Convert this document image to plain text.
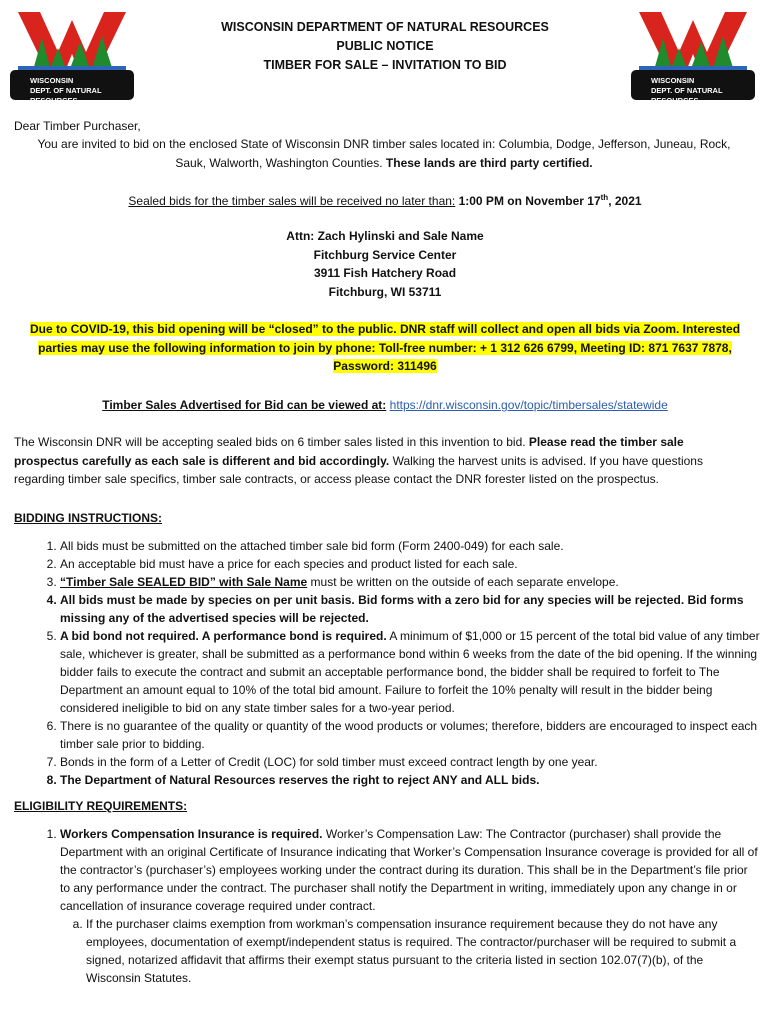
WISCONSIN
DEPT. OF NATURAL RESOURCES
WISCONSIN
DEPT. OF NATURAL RESOURCES
WISCONSIN DEPARTMENT OF NATURAL RESOURCES
PUBLIC NOTICE
TIMBER FOR SALE – INVITATION TO BID

Dear Timber Purchaser,

You are invited to bid on the enclosed State of Wisconsin DNR timber sales located in: Columbia, Dodge, Jefferson, Juneau, Rock,

Sauk, Walworth, Washington Counties. These lands are third party certified.

Sealed bids for the timber sales will be received no later than: 1:00 PM on November 17th, 2021

Attn: Zach Hylinski and Sale Name

Fitchburg Service Center

3911 Fish Hatchery Road

Fitchburg, WI 53711

Due to COVID-19, this bid opening will be “closed” to the public. DNR staff will collect and open all bids via Zoom. Interested

parties may use the following information to join by phone: Toll-free number: + 1 312 626 6799, Meeting ID: 871 7637 7878,

Password: 311496

Timber Sales Advertised for Bid can be viewed at: https://dnr.wisconsin.gov/topic/timbersales/statewide

The Wisconsin DNR will be accepting sealed bids on 6 timber sales listed in this invention to bid. Please read the timber sale

prospectus carefully as each sale is different and bid accordingly. Walking the harvest units is advised. If you have questions

regarding timber sale specifics, timber sale contracts, or access please contact the DNR forester listed on the prospectus.

BIDDING INSTRUCTIONS:

1. All bids must be submitted on the attached timber sale bid form (Form 2400-049) for each sale.
2. An acceptable bid must have a price for each species and product listed for each sale.
3. “Timber Sale SEALED BID” with Sale Name must be written on the outside of each separate envelope.
4. All bids must be made by species on per unit basis. Bid forms with a zero bid for any species will be rejected. Bid forms missing any of the advertised species will be rejected.
5. A bid bond not required. A performance bond is required. A minimum of $1,000 or 15 percent of the total bid value of any timber sale, whichever is greater, shall be submitted as a performance bond within 6 weeks from the date of the bid opening. If the winning bidder fails to execute the contract and submit an acceptable performance bond, the bidder shall be required to forfeit to The Department an amount equal to 10% of the total bid amount. Failure to forfeit the 10% penalty will result in the bidder being considered ineligible to bid on any state timber sales for a two-year period.
6. There is no guarantee of the quality or quantity of the wood products or volumes; therefore, bidders are encouraged to inspect each timber sale prior to bidding.
7. Bonds in the form of a Letter of Credit (LOC) for sold timber must exceed contract length by one year.
8. The Department of Natural Resources reserves the right to reject ANY and ALL bids.

ELIGIBILITY REQUIREMENTS:

1. Workers Compensation Insurance is required. Worker’s Compensation Law: The Contractor (purchaser) shall provide the Department with an original Certificate of Insurance indicating that Worker’s Compensation Insurance coverage is provided for all of the contractor’s (purchaser’s) employees working under the contract during its duration. This shall be in the Department’s file prior to any performance under the contract. The purchaser shall notify the Department in writing, immediately upon any change in or cancellation of insurance coverage required under contract.
a. If the purchaser claims exemption from workman’s compensation insurance requirement because they do not have any employees, documentation of exempt/independent status is required. The contractor/purchaser will be required to submit a signed, notarized affidavit that affirms their exempt status pursuant to the criteria listed in section 102.07(7)(b), of the Wisconsin Statutes.
